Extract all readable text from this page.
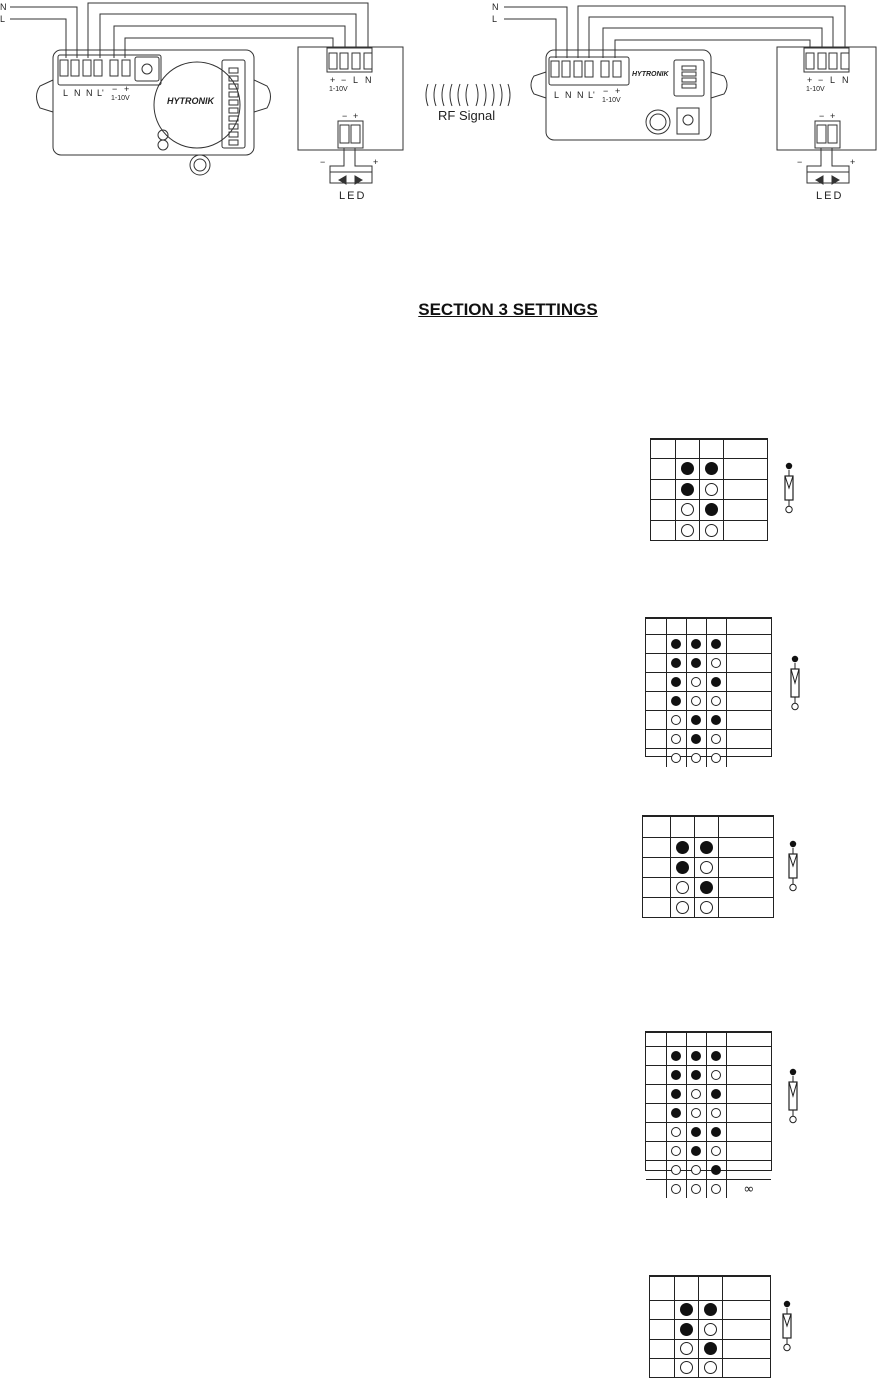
N
L
L N N L' − +
1-10V	HYTRONIK
+ − L N
1-10V
− +
−	+
LED
RF Signal
N
L
L N N L' − +
1-10V
HYTRONIK
+ − L N
1-10V
− +
−	+
LED
SECTION 3 SETTINGS

				∞
